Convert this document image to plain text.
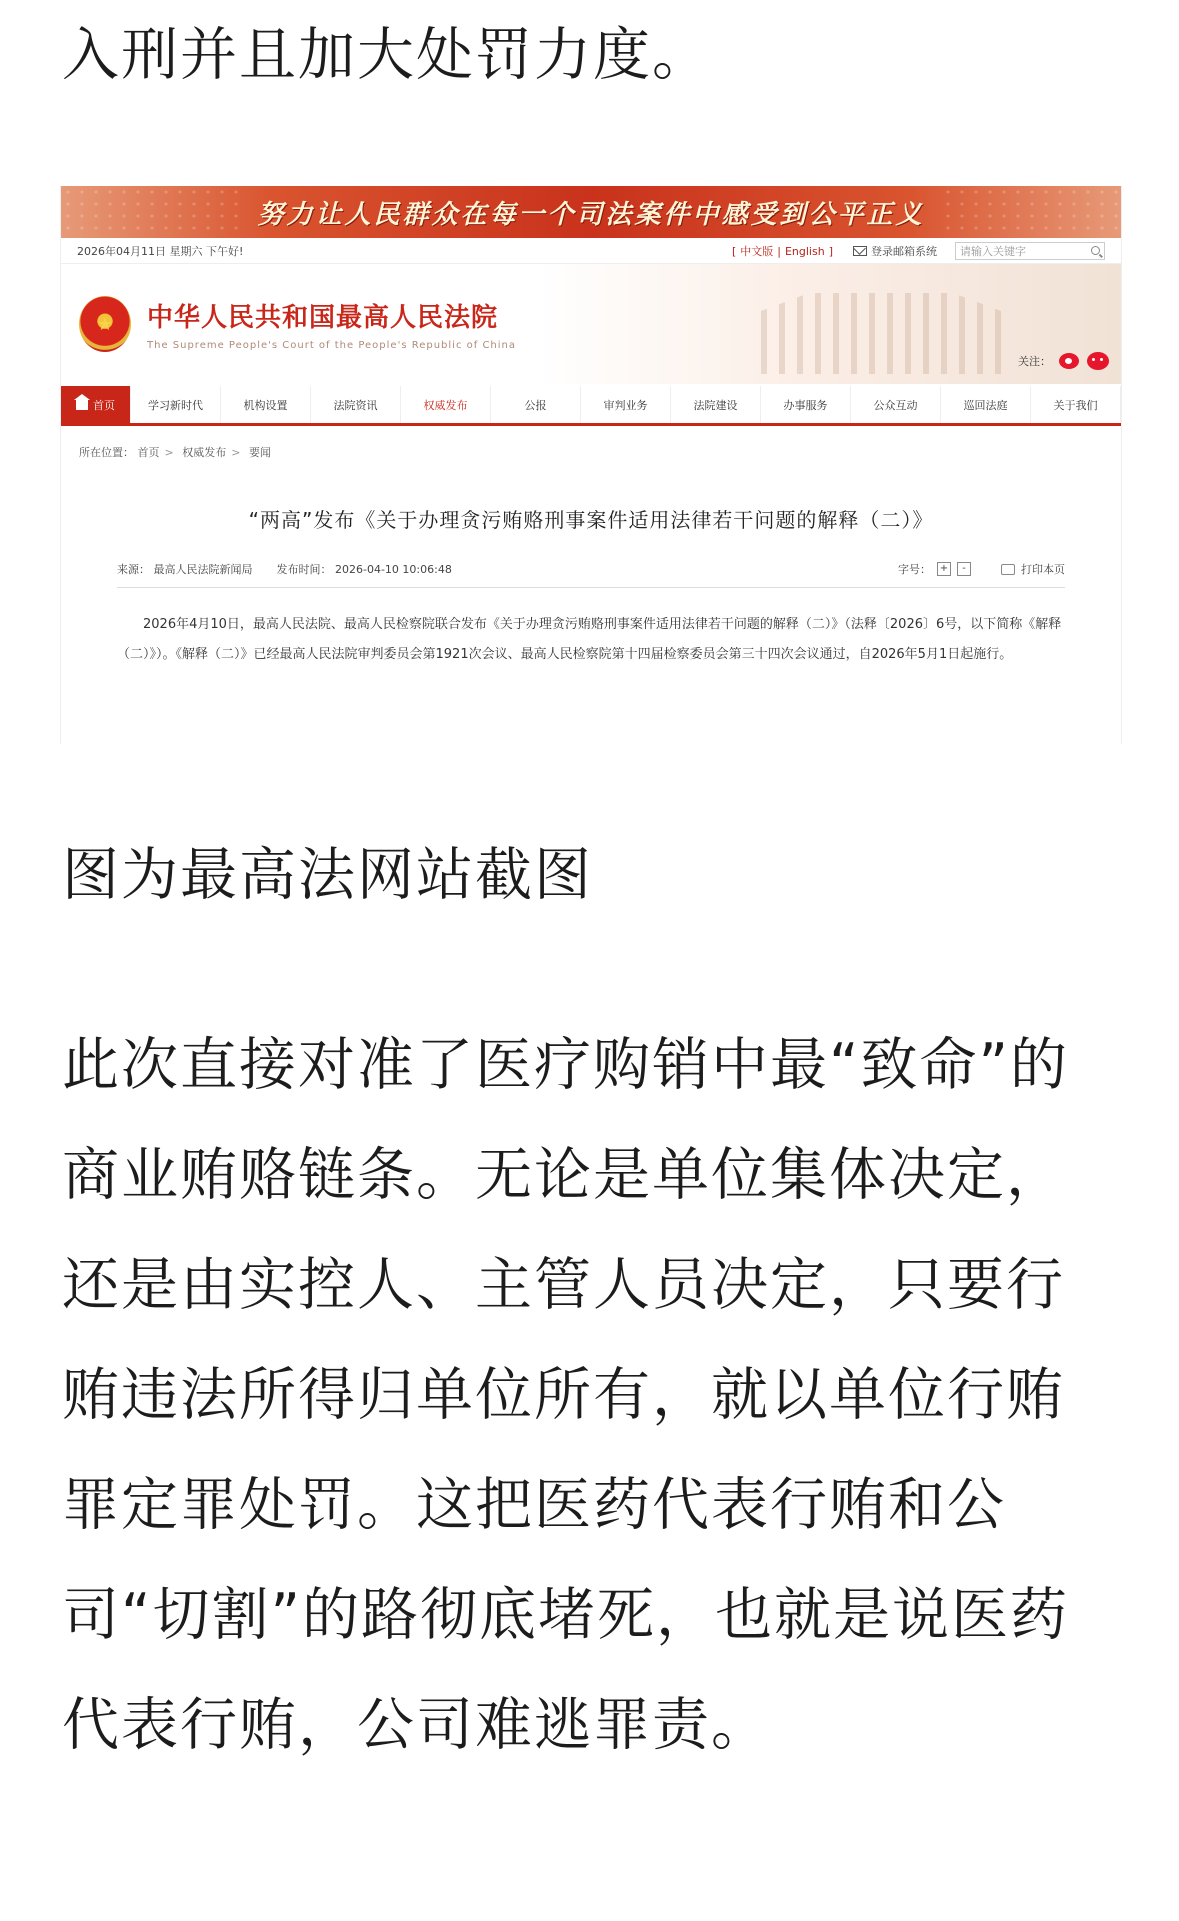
入刑并且加大处罚力度。
努力让人民群众在每一个司法案件中感受到公平正义
2026年04月11日 星期六 下午好!	[ 中文版 | English ]	登录邮箱系统 请输入关键字
★	中华人民共和国最高人民法院
The Supreme People's Court of the People's Republic of China
关注：
首页	学习新时代	机构设置	法院资讯	权威发布	公报	审判业务	法院建设	办事服务	公众互动	巡回法庭	关于我们
所在位置： 首页 > 权威发布 > 要闻
“两高”发布《关于办理贪污贿赂刑事案件适用法律若干问题的解释（二）》
来源： 最高人民法院新闻局 发布时间： 2026-04-10 10:06:48	字号： +	-	打印本页
2026年4月10日，最高人民法院、最高人民检察院联合发布《关于办理贪污贿赂刑事案件适用法律若干问题的解释（二）》（法释〔2026〕6号，以下简称《解释（二）》）。《解释（二）》已经最高人民法院审判委员会第1921次会议、最高人民检察院第十四届检察委员会第三十四次会议通过，自2026年5月1日起施行。
图为最高法网站截图
此次直接对准了医疗购销中最“致命”的商业贿赂链条。无论是单位集体决定，还是由实控人、主管人员决定，只要行贿违法所得归单位所有，就以单位行贿罪定罪处罚。这把医药代表行贿和公司“切割”的路彻底堵死，也就是说医药代表行贿，公司难逃罪责。
